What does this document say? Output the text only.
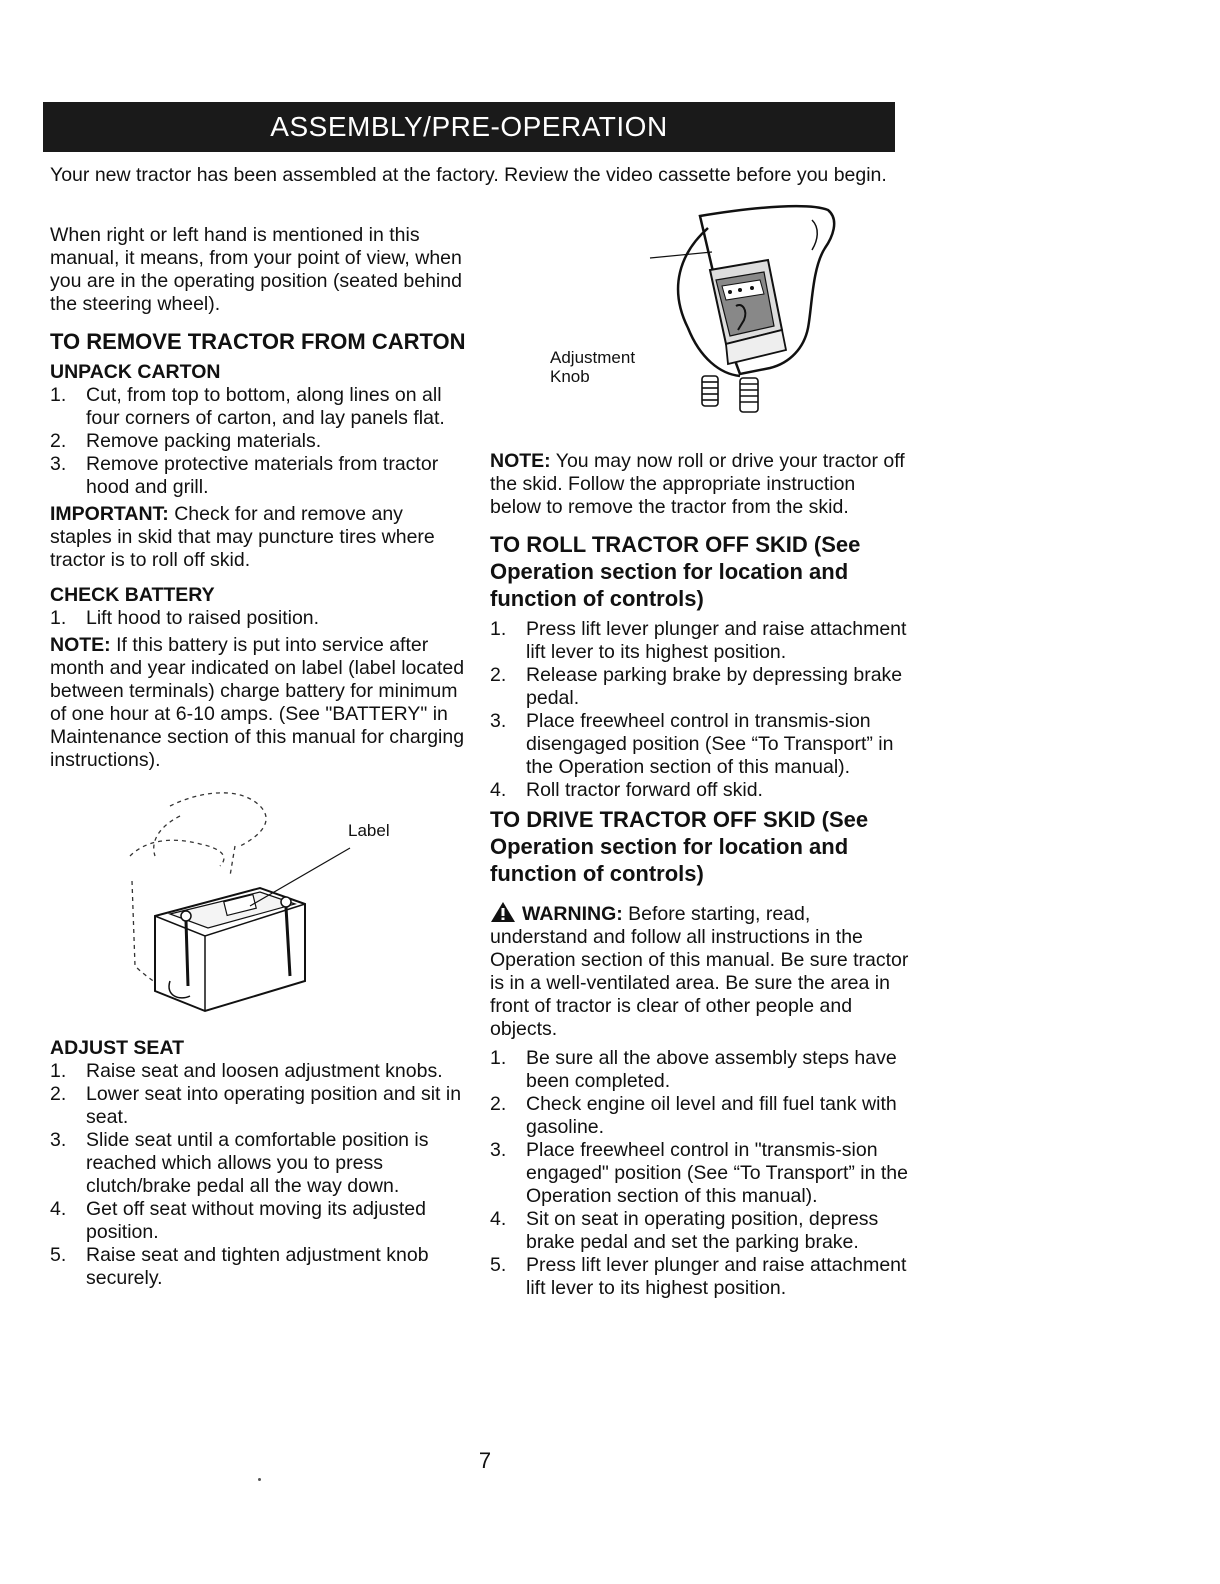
ASSEMBLY/PRE-OPERATION

Your new tractor has been assembled at the factory. Review the video cassette before you begin.

Adjustment
Knob

When right or left hand is mentioned in this manual, it means, from your point of view, when you are in the operating position (seated behind the steering wheel).

TO REMOVE TRACTOR FROM CARTON
UNPACK CARTON
1. Cut, from top to bottom, along lines on all four corners of carton, and lay panels flat.
2. Remove packing materials.
3. Remove protective materials from tractor hood and grill.

IMPORTANT: Check for and remove any staples in skid that may puncture tires where tractor is to roll off skid.

CHECK BATTERY
1. Lift hood to raised position.

NOTE: If this battery is put into service after month and year indicated on label (label located between terminals) charge battery for minimum of one hour at 6-10 amps. (See "BATTERY" in Maintenance section of this manual for charging instructions).

Label
ADJUST SEAT
1. Raise seat and loosen adjustment knobs.
2. Lower seat into operating position and sit in seat.
3. Slide seat until a comfortable position is reached which allows you to press clutch/brake pedal all the way down.
4. Get off seat without moving its adjusted position.
5. Raise seat and tighten adjustment knob securely.

NOTE: You may now roll or drive your tractor off the skid. Follow the appropriate instruction below to remove the tractor from the skid.

TO ROLL TRACTOR OFF SKID (See Operation section for location and function of controls)
1. Press lift lever plunger and raise attachment lift lever to its highest position.
2. Release parking brake by depressing brake pedal.
3. Place freewheel control in transmis-sion disengaged position (See “To Transport” in the Operation section of this manual).
4. Roll tractor forward off skid.
TO DRIVE TRACTOR OFF SKID (See Operation section for location and function of controls)

WARNING: Before starting, read, understand and follow all instructions in the Operation section of this manual. Be sure tractor is in a well-ventilated area. Be sure the area in front of tractor is clear of other people and objects.

1. Be sure all the above assembly steps have been completed.
2. Check engine oil level and fill fuel tank with gasoline.
3. Place freewheel control in "transmis-sion engaged" position (See “To Transport” in the Operation section of this manual).
4. Sit on seat in operating position, depress brake pedal and set the parking brake.
5. Press lift lever plunger and raise attachment lift lever to its highest position.
7
